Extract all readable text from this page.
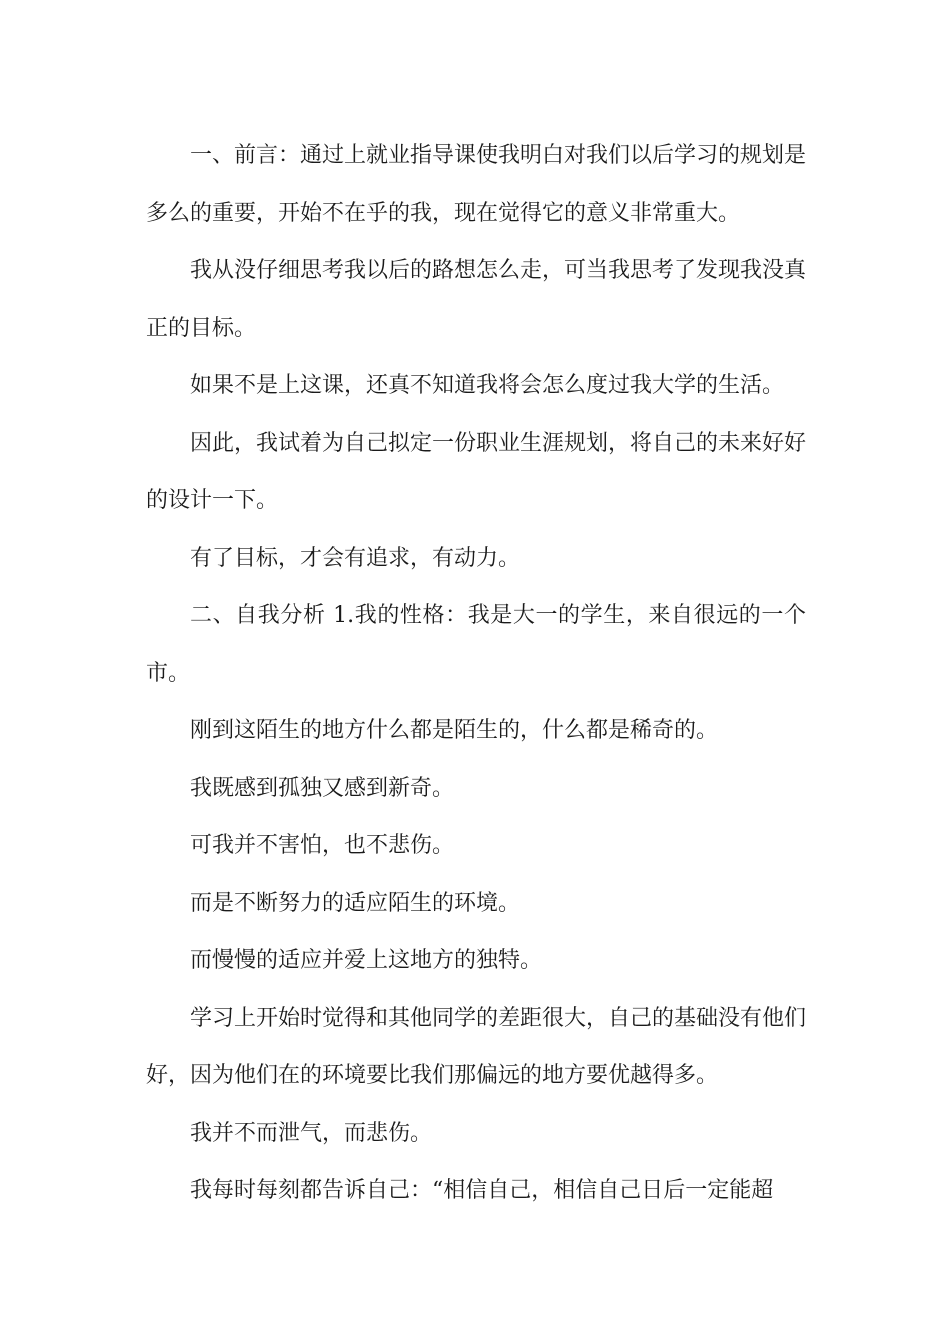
一、前言：通过上就业指导课使我明白对我们以后学习的规划是多么的重要，开始不在乎的我，现在觉得它的意义非常重大。

我从没仔细思考我以后的路想怎么走，可当我思考了发现我没真正的目标。

如果不是上这课，还真不知道我将会怎么度过我大学的生活。

因此，我试着为自己拟定一份职业生涯规划，将自己的未来好好的设计一下。

有了目标，才会有追求，有动力。

二、自我分析 1.我的性格：我是大一的学生，来自很远的一个市。

刚到这陌生的地方什么都是陌生的，什么都是稀奇的。

我既感到孤独又感到新奇。

可我并不害怕，也不悲伤。

而是不断努力的适应陌生的环境。

而慢慢的适应并爱上这地方的独特。

学习上开始时觉得和其他同学的差距很大，自己的基础没有他们好，因为他们在的环境要比我们那偏远的地方要优越得多。

我并不而泄气，而悲伤。

我每时每刻都告诉自己：“相信自己，相信自己日后一定能超
